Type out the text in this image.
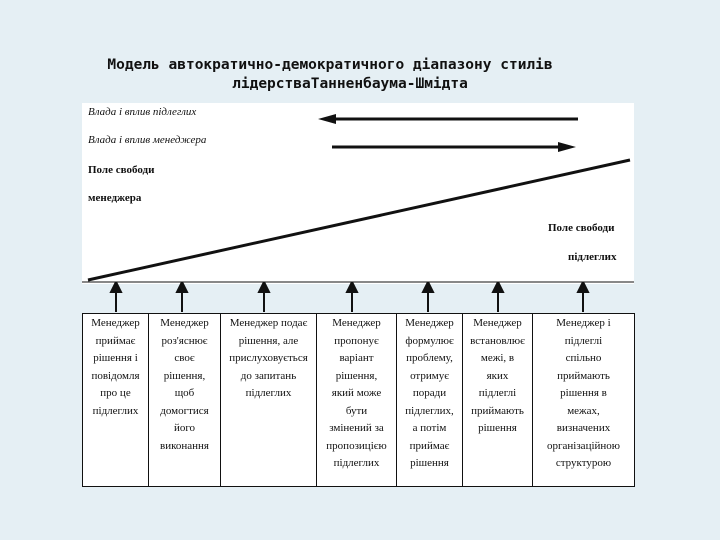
Модель автократично-демократичного діапазону стилів
лідерстваТанненбаума-Шмідта
Влада і вплив підлеглих
Влада і вплив менеджера
Поле свободи
менеджера
Поле свободи
підлеглих
Менеджер
приймає
рішення і
повідомля
про це
підлеглих

Менеджер
роз'яснює
своє
рішення,
щоб
домогтися
його
виконання

Менеджер подає
рішення, але
прислуховується
до запитань
підлеглих

Менеджер
пропонує
варіант
рішення,
який може
бути
змінений за
пропозицією
підлеглих

Менеджер
формулює
проблему,
отримує
поради
підлеглих,
а потім
приймає
рішення

Менеджер
встановлює
межі, в
яких
підлеглі
приймають
рішення

Менеджер і
підлеглі
спільно
приймають
рішення в
межах,
визначених
організаційною
структурою
